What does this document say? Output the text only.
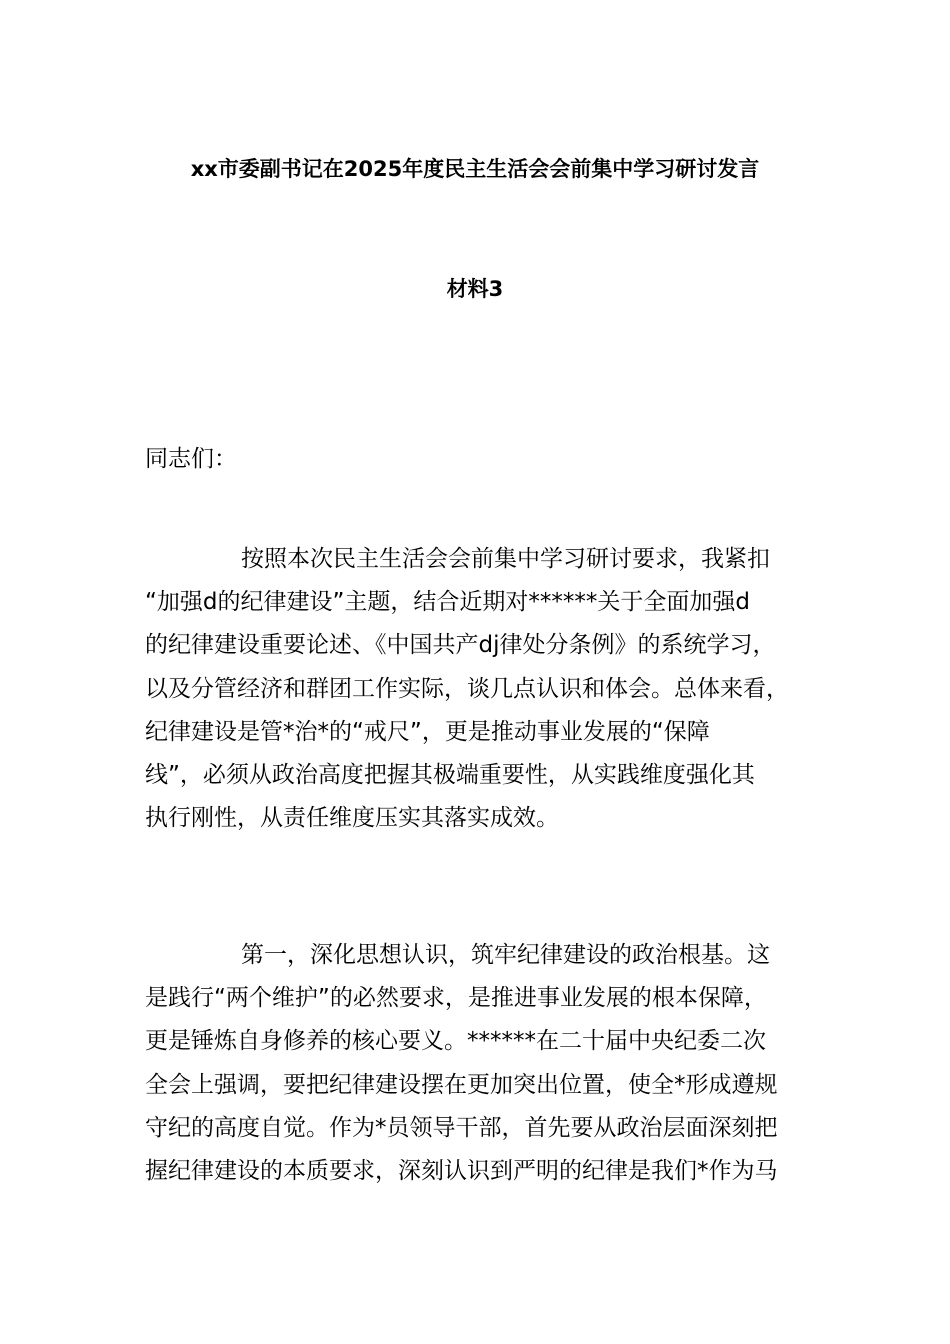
xx市委副书记在2025年度民主生活会会前集中学习研讨发言
材料3
同志们：
按照本次民主生活会会前集中学习研讨要求，我紧扣
“加强d的纪律建设”主题，结合近期对******关于全面加强d
的纪律建设重要论述、《中国共产dj律处分条例》的系统学习，
以及分管经济和群团工作实际，谈几点认识和体会。总体来看，
纪律建设是管*治*的“戒尺”，更是推动事业发展的“保障
线”，必须从政治高度把握其极端重要性，从实践维度强化其
执行刚性，从责任维度压实其落实成效。
第一，深化思想认识，筑牢纪律建设的政治根基。这
是践行“两个维护”的必然要求，是推进事业发展的根本保障，
更是锤炼自身修养的核心要义。******在二十届中央纪委二次
全会上强调，要把纪律建设摆在更加突出位置，使全*形成遵规
守纪的高度自觉。作为*员领导干部，首先要从政治层面深刻把
握纪律建设的本质要求，深刻认识到严明的纪律是我们*作为马
